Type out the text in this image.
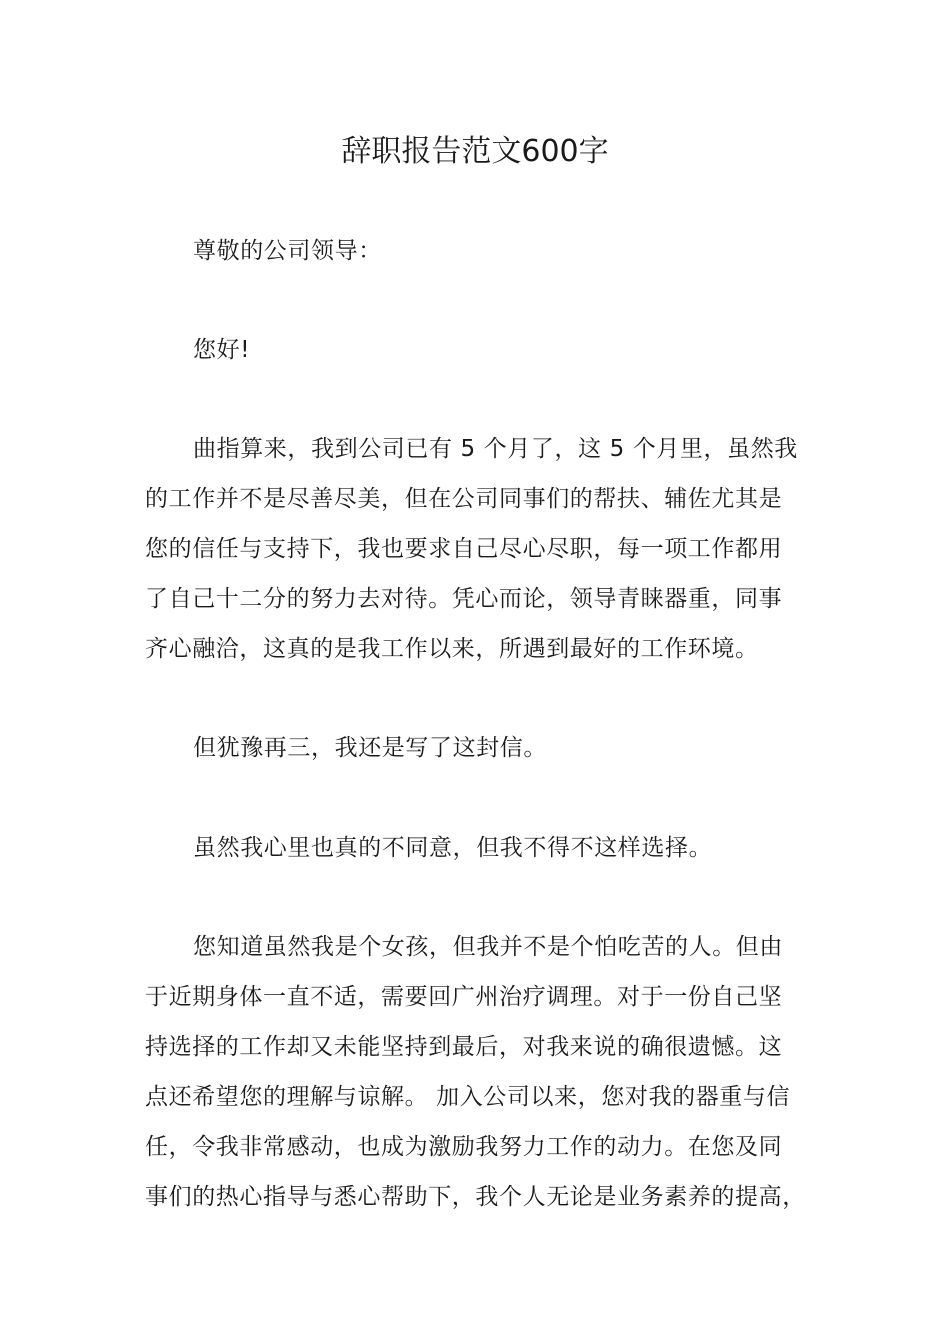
辞职报告范文600字

尊敬的公司领导：

您好!

曲指算来，我到公司已有 5 个月了，这 5 个月里，虽然我
的工作并不是尽善尽美，但在公司同事们的帮扶、辅佐尤其是
您的信任与支持下，我也要求自己尽心尽职，每一项工作都用
了自己十二分的努力去对待。凭心而论，领导青睐器重，同事
齐心融洽，这真的是我工作以来，所遇到最好的工作环境。

但犹豫再三，我还是写了这封信。

虽然我心里也真的不同意，但我不得不这样选择。

您知道虽然我是个女孩，但我并不是个怕吃苦的人。但由
于近期身体一直不适，需要回广州治疗调理。对于一份自己坚
持选择的工作却又未能坚持到最后，对我来说的确很遗憾。这
点还希望您的理解与谅解。 加入公司以来，您对我的器重与信
任，令我非常感动，也成为激励我努力工作的动力。在您及同
事们的热心指导与悉心帮助下，我个人无论是业务素养的提高，
